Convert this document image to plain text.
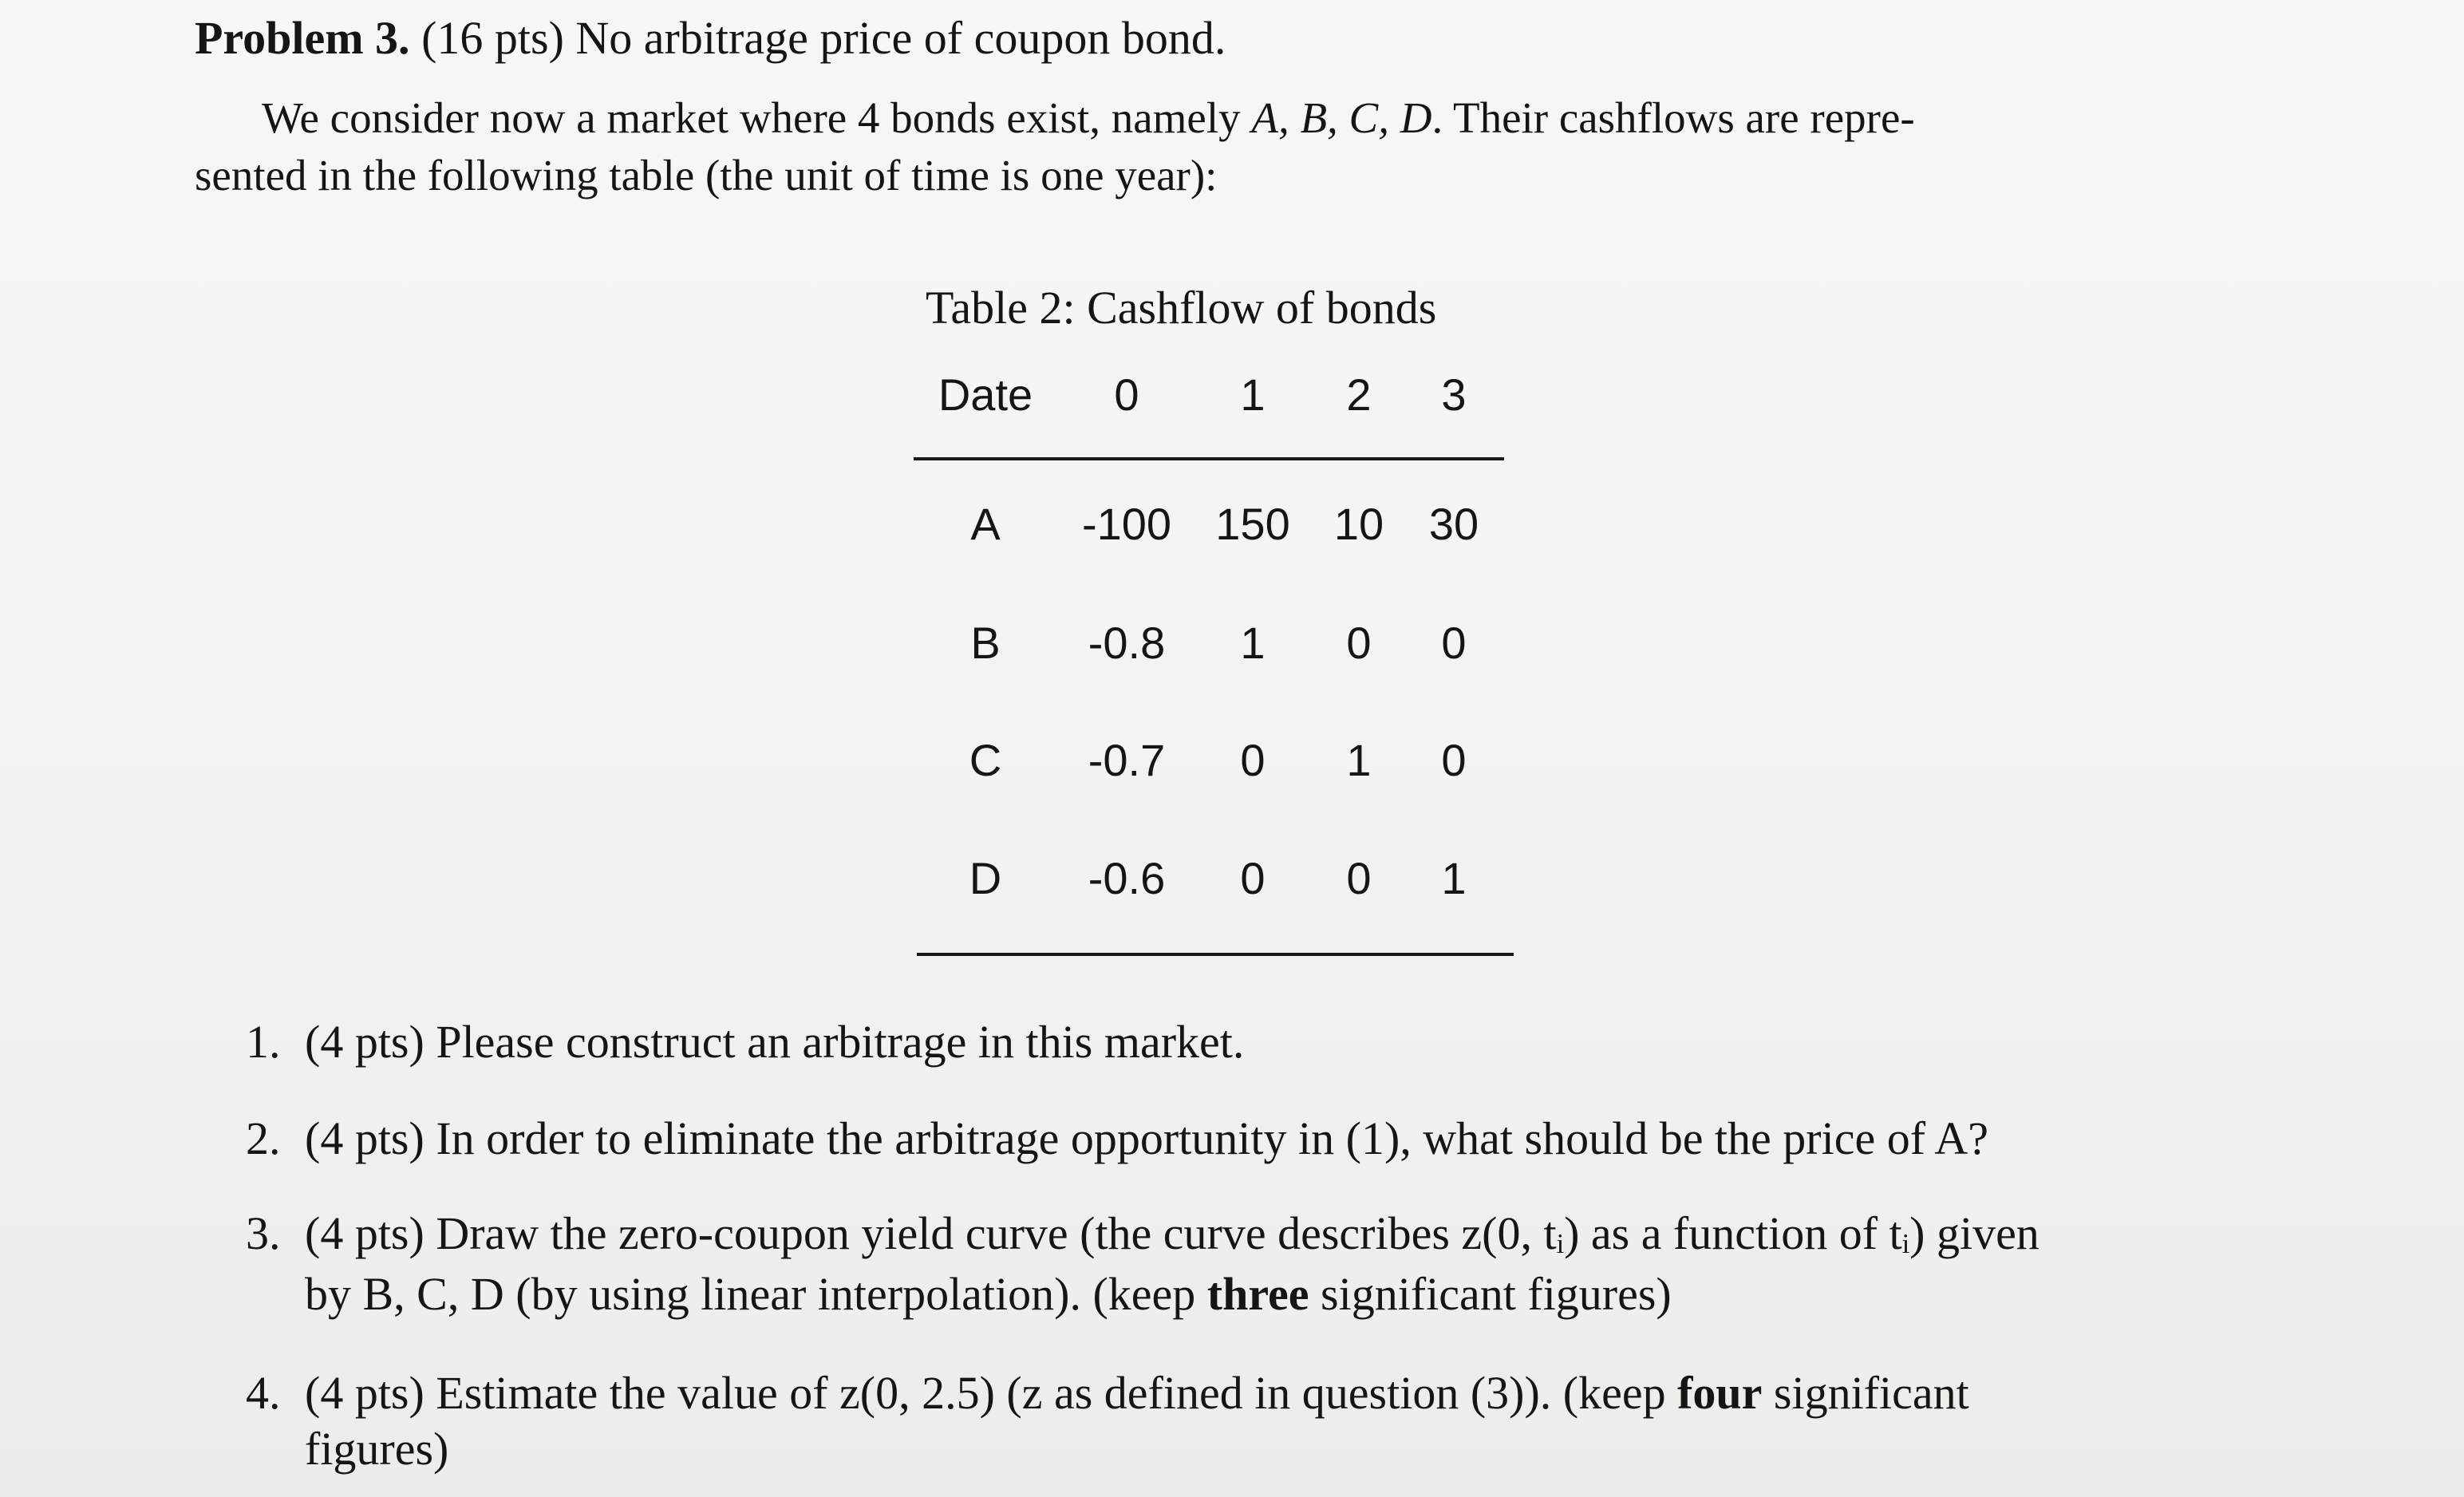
Problem 3. (16 pts) No arbitrage price of coupon bond.
We consider now a market where 4 bonds exist, namely A, B, C, D. Their cashflows are repre-
sented in the following table (the unit of time is one year):
Table 2: Cashflow of bonds
Date 0 1 2 3
A -100 150 10 30
B -0.8 1 0 0
C -0.7 0 1 0
D -0.6 0 0 1
1. (4 pts) Please construct an arbitrage in this market.
2. (4 pts) In order to eliminate the arbitrage opportunity in (1), what should be the price of A?
3. (4 pts) Draw the zero-coupon yield curve (the curve describes z(0, tᵢ) as a function of tᵢ) given
by B, C, D (by using linear interpolation). (keep three significant figures)
4. (4 pts) Estimate the value of z(0, 2.5) (z as defined in question (3)). (keep four significant
figures)
